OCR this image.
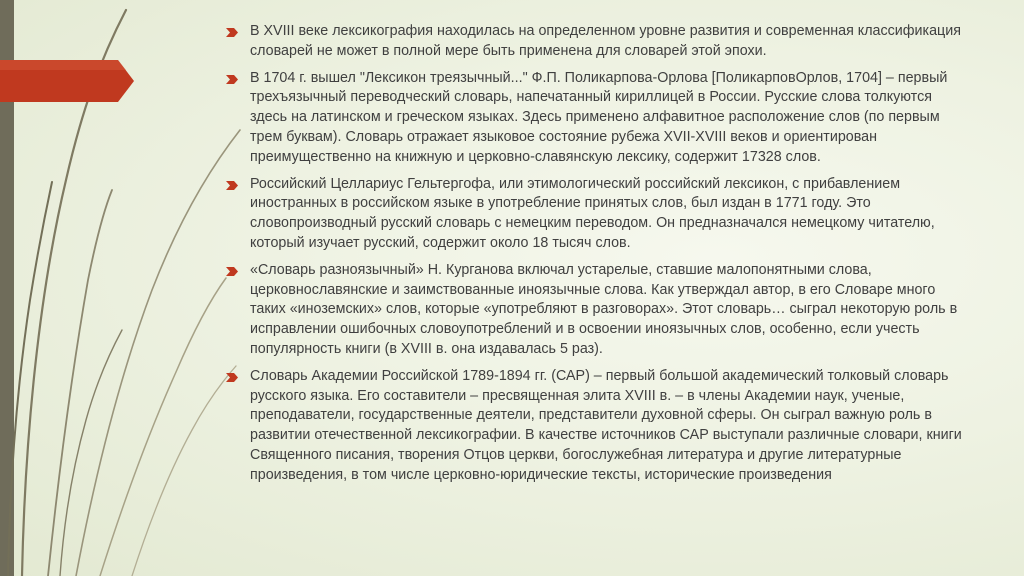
В XVIII веке лексикография находилась на определенном уровне развития и современная классификация словарей не может в полной мере быть применена для словарей этой эпохи.
В 1704 г. вышел "Лексикон треязычный..." Ф.П. Поликарпова-Орлова [ПоликарповОрлов, 1704] – первый трехъязычный переводческий словарь, напечатанный кириллицей в России. Русские слова толкуются здесь на латинском и греческом языках. Здесь применено алфавитное расположение слов (по первым трем буквам). Словарь отражает языковое состояние рубежа XVII-XVIII веков и ориентирован преимущественно на книжную и церковно-славянскую лексику, содержит 17328 слов.
Российский Целлариус Гельтергофа, или этимологический российский лексикон, с прибавлением иностранных в российском языке в употребление принятых слов, был издан в 1771 году. Это словопроизводный русский словарь с немецким переводом. Он предназначался немецкому читателю, который изучает русский, содержит около 18 тысяч слов.
«Словарь разноязычный» Н. Курганова включал устарелые, ставшие малопонятными слова, церковнославянские и заимствованные иноязычные слова. Как утверждал автор, в его Словаре много таких «иноземских» слов, которые «употребляют в разговорах». Этот словарь… сыграл некоторую роль в исправлении ошибочных словоупотреблений и в освоении иноязычных слов, особенно, если учесть популярность книги (в XVIII в. она издавалась 5 раз).
Словарь Академии Российской 1789-1894 гг. (САР) – первый большой академический толковый словарь русского языка. Его составители – пресвященная элита XVIII в. – в члены Академии наук, ученые, преподаватели, государственные деятели, представители духовной сферы. Он сыграл важную роль в развитии отечественной лексикографии. В качестве источников САР выступали различные словари, книги Священного писания, творения Отцов церкви, богослужебная литература и другие литературные произведения, в том числе церковно-юридические тексты, исторические произведения
